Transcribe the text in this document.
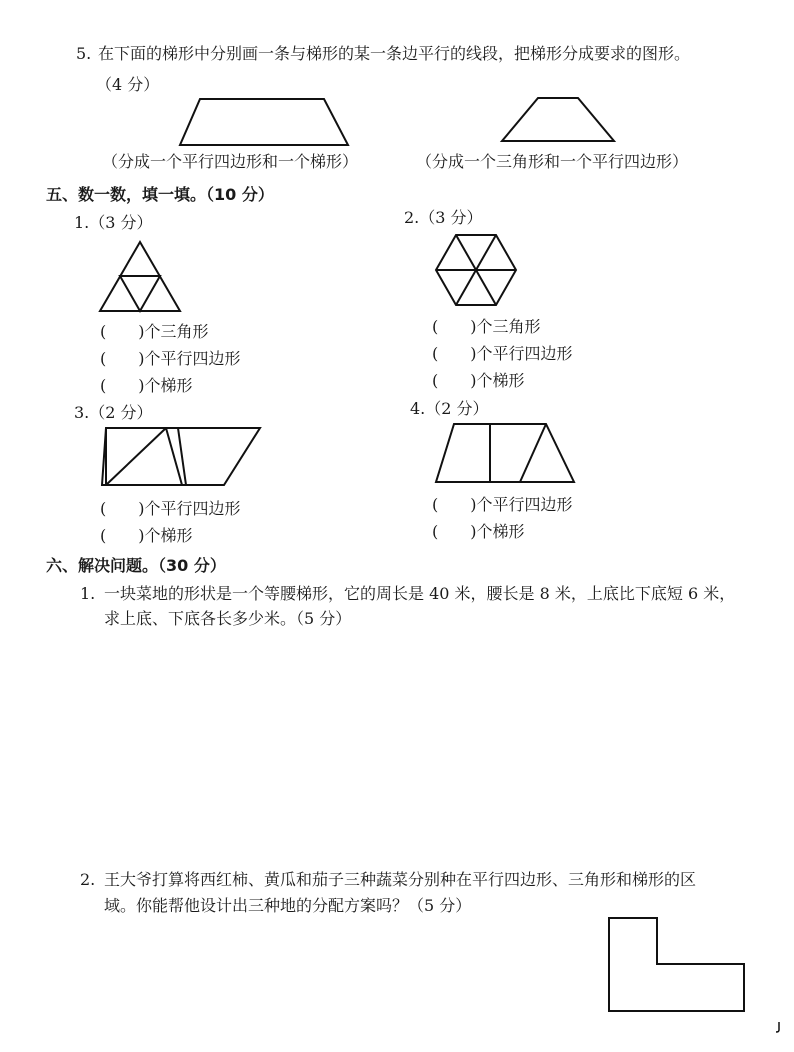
5. 在下面的梯形中分别画一条与梯形的某一条边平行的线段，把梯形分成要求的图形。
（4 分）
（分成一个平行四边形和一个梯形）	（分成一个三角形和一个平行四边形）
五、数一数，填一填。（10 分）
1.（3 分）
(　　)个三角形
(　　)个平行四边形
(　　)个梯形
2.（3 分）
(　　)个三角形
(　　)个平行四边形
(　　)个梯形
3.（2 分）
(　　)个平行四边形
(　　)个梯形
4.（2 分）
(　　)个平行四边形
(　　)个梯形
六、解决问题。（30 分）
1. 一块菜地的形状是一个等腰梯形，它的周长是 40 米，腰长是 8 米，上底比下底短 6 米，
求上底、下底各长多少米。（5 分）
2. 王大爷打算将西红柿、黄瓜和茄子三种蔬菜分别种在平行四边形、三角形和梯形的区
域。你能帮他设计出三种地的分配方案吗？（5 分）
